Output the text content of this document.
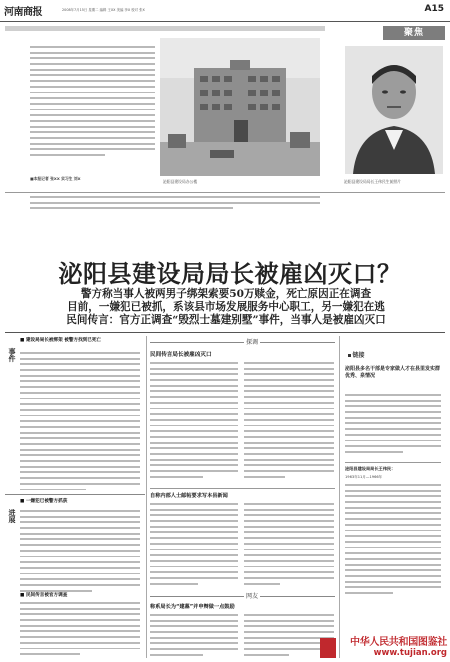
河南商报	2008年7月15日 星期二 编辑 王XX 美编 李X 校对 张X	A15
聚焦
■本报记者 张XX 实习生 刘X
泌阳县建设局办公楼	泌阳县建设局局长王伟民生前照片
泌阳县建设局局长被雇凶灭口？
警方称当事人被两男子绑架索要50万赎金，死亡原因正在调查
目前，一嫌犯已被抓，系该县市场发展服务中心职工，另一嫌犯在逃
民间传言：官方正调查“毁烈士墓建别墅”事件，当事人是被雇凶灭口
事件
■ 建设局局长被绑架 被警方找到已死亡
进展
■ 一嫌犯已被警方抓获
■ 民间传言被官方调查
探调
民间传言局长被雇凶灭口
自称内部人士邮帖要求写本县新闻
网友
称系局长为“建墓”并申辩做一点鼓励
链接
泌阳县多名干部是专家做人才在县里发实群优秀、泉情况
泌阳县建设局局长王伟民：
1963年11月—1966年
中华人民共和国图鉴社
www.tujian.org
